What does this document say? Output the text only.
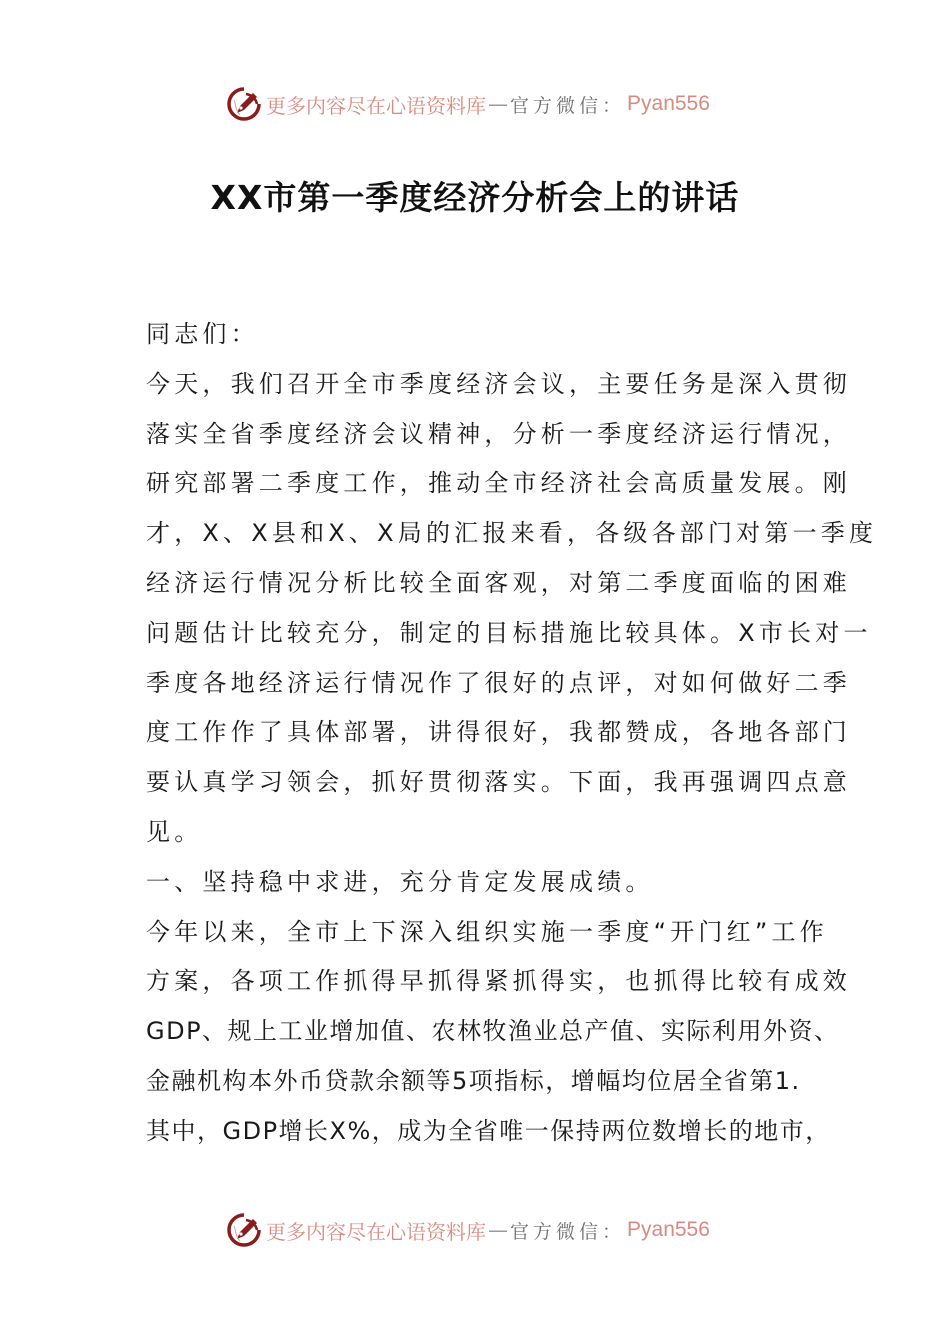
更多内容尽在心语资料库 — 官方微信： Pyan556
XX市第一季度经济分析会上的讲话
同志们：
今天，我们召开全市季度经济会议，主要任务是深入贯彻
落实全省季度经济会议精神，分析一季度经济运行情况，
研究部署二季度工作，推动全市经济社会高质量发展。刚
才，X、X县和X、X局的汇报来看，各级各部门对第一季度
经济运行情况分析比较全面客观，对第二季度面临的困难
问题估计比较充分，制定的目标措施比较具体。X市长对一
季度各地经济运行情况作了很好的点评，对如何做好二季
度工作作了具体部署，讲得很好，我都赞成，各地各部门
要认真学习领会，抓好贯彻落实。下面，我再强调四点意
见。
一、坚持稳中求进，充分肯定发展成绩。
今年以来，全市上下深入组织实施一季度“开门红”工作
方案，各项工作抓得早抓得紧抓得实，也抓得比较有成效
GDP、规上工业增加值、农林牧渔业总产值、实际利用外资、
金融机构本外币贷款余额等5项指标，增幅均位居全省第1.
其中，GDP增长X%，成为全省唯一保持两位数增长的地市，
更多内容尽在心语资料库 — 官方微信： Pyan556
